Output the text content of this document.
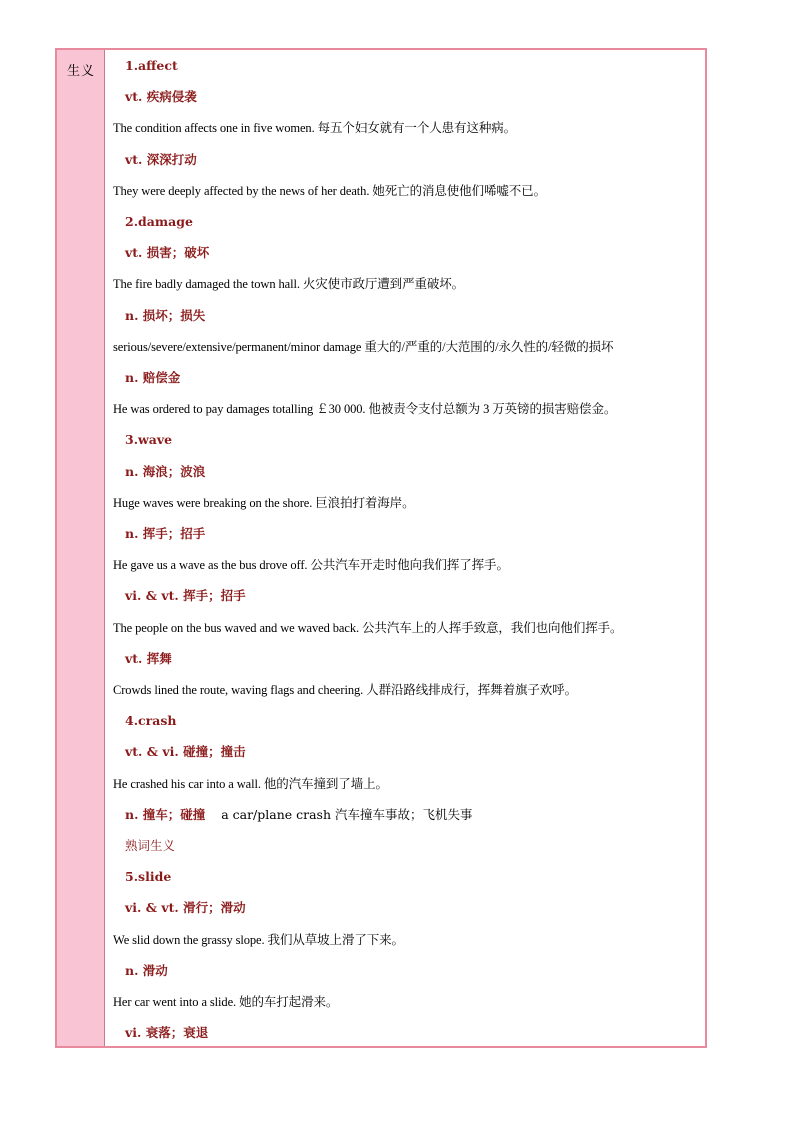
生义 1.affect
vt. 疾病侵袭
The condition affects one in five women. 每五个妇女就有一个人患有这种病。
vt. 深深打动
They were deeply affected by the news of her death. 她死亡的消息使他们唏嘘不已。
2.damage
vt. 损害；破坏
The fire badly damaged the town hall. 火灾使市政厅遭到严重破坏。
n. 损坏；损失
serious/severe/extensive/permanent/minor damage 重大的/严重的/大范围的/永久性的/轻微的损坏
n. 赔偿金
He was ordered to pay damages totalling ￡30 000. 他被责令支付总额为 3 万英镑的损害赔偿金。
3.wave
n. 海浪；波浪
Huge waves were breaking on the shore. 巨浪拍打着海岸。
n. 挥手；招手
He gave us a wave as the bus drove off. 公共汽车开走时他向我们挥了挥手。
vi. & vt. 挥手；招手
The people on the bus waved and we waved back. 公共汽车上的人挥手致意，我们也向他们挥手。
vt. 挥舞
Crowds lined the route, waving flags and cheering. 人群沿路线排成行，挥舞着旗子欢呼。
4.crash
vt. & vi. 碰撞；撞击
He crashed his car into a wall. 他的汽车撞到了墙上。
n. 撞车；碰撞    a car/plane crash 汽车撞车事故；飞机失事
熟词生义
5.slide
vi. & vt. 滑行；滑动
We slid down the grassy slope. 我们从草坡上滑了下来。
n. 滑动
Her car went into a slide. 她的车打起滑来。
vi. 衰落；衰退
